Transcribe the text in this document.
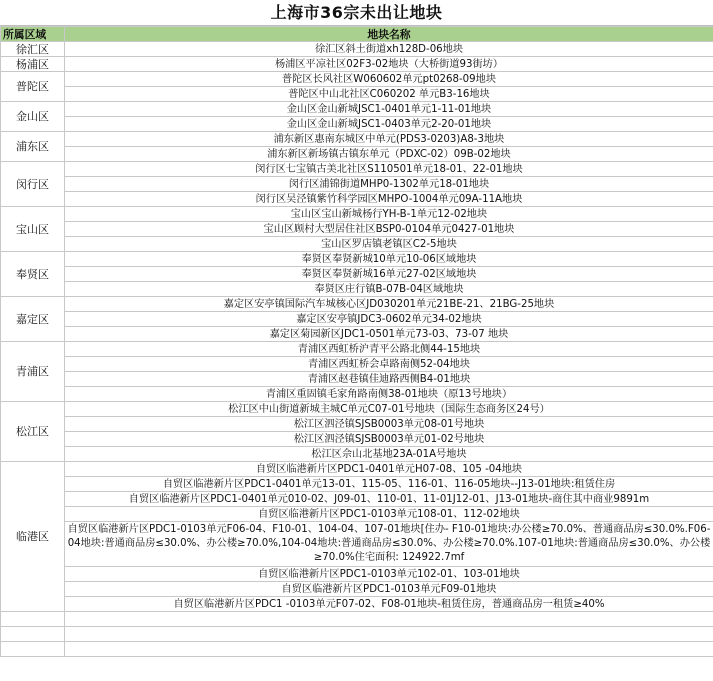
上海市36宗未出让地块
所属区域	地块名称
徐汇区	徐汇区斜土街道xh128D-06地块
杨浦区	杨浦区平凉社区02F3-02地块（大桥街道93街坊）
普陀区	普陀区长风社区W060602单元pt0268-09地块
	普陀区中山北社区C060202 单元B3-16地块
金山区	金山区金山新城JSC1-0401单元1-11-01地块
	金山区金山新城JSC1-0403单元2-20-01地块
浦东区	浦东新区惠南东城区中单元(PDS3-0203)A8-3地块
	浦东新区新场镇古镇东单元（PDXC-02）09B-02地块
闵行区	闵行区七宝镇古美北社区S110501单元18-01、22-01地块
	闵行区浦锦街道MHP0-1302单元18-01地块
	闵行区吴泾镇紫竹科学园区MHPO-1004单元09A-11A地块
宝山区	宝山区宝山新城杨行YH-B-1单元12-02地块
	宝山区顾村大型居住社区BSP0-0104单元0427-01地块
	宝山区罗店镇老镇区C2-5地块
奉贤区	奉贤区奉贤新城10单元10-06区域地块
	奉贤区奉贤新城16单元27-02区域地块
	奉贤区庄行镇B-07B-04区域地块
嘉定区	嘉定区安亭镇国际汽车城核心区JD030201单元21BE-21、21BG-25地块
	嘉定区安亭镇JDC3-0602单元34-02地块
	嘉定区菊园新区JDC1-0501单元73-03、73-07 地块
青浦区	青浦区西虹桥沪青平公路北侧44-15地块
	青浦区西虹桥会卓路南侧52-04地块
	青浦区赵巷镇佳迪路西侧B4-01地块
	青浦区重固镇毛家角路南侧38-01地块（原13号地块）
松江区	松江区中山街道新城主城C单元C07-01号地块（国际生态商务区24号）
	松江区泗泾镇SJSB0003单元08-01号地块
	松江区泗泾镇SJSB0003单元01-02号地块
	松江区佘山北基地23A-01A号地块
临港区	自贸区临港新片区PDC1-0401单元H07-08、105 -04地块
	自贸区临港新片区PDC1-0401单元13-01、115-05、116-01、116-05地块--J13-01地块:租赁住房
	自贸区临港新片区PDC1-0401单元010-02、J09-01、110-01、11-01J12-01、J13-01地块-商住其中商业9891m
	自贸区临港新片区PDC1-0103单元108-01、112-02地块
	自贸区临港新片区PDC1-0103单元F06-04、F10-01、104-04、107-01地块[住办- F10-01地块:办公楼≥70.0%、普通商品房≤30.0%.F06-04地块:普通商品房≤30.0%、办公楼≥70.0%,104-04地块:普通商品房≤30.0%、办公楼≥70.0%.107-01地块:普通商品房≤30.0%、办公楼≥70.0%住宅面积: 124922.7mf
	自贸区临港新片区PDC1-0103单元102-01、103-01地块
	自贸区临港新片区PDC1-0103单元F09-01地块
	自贸区临港新片区PDC1 -0103单元F07-02、F08-01地块-租赁住房，普通商品房一租赁≥40%
